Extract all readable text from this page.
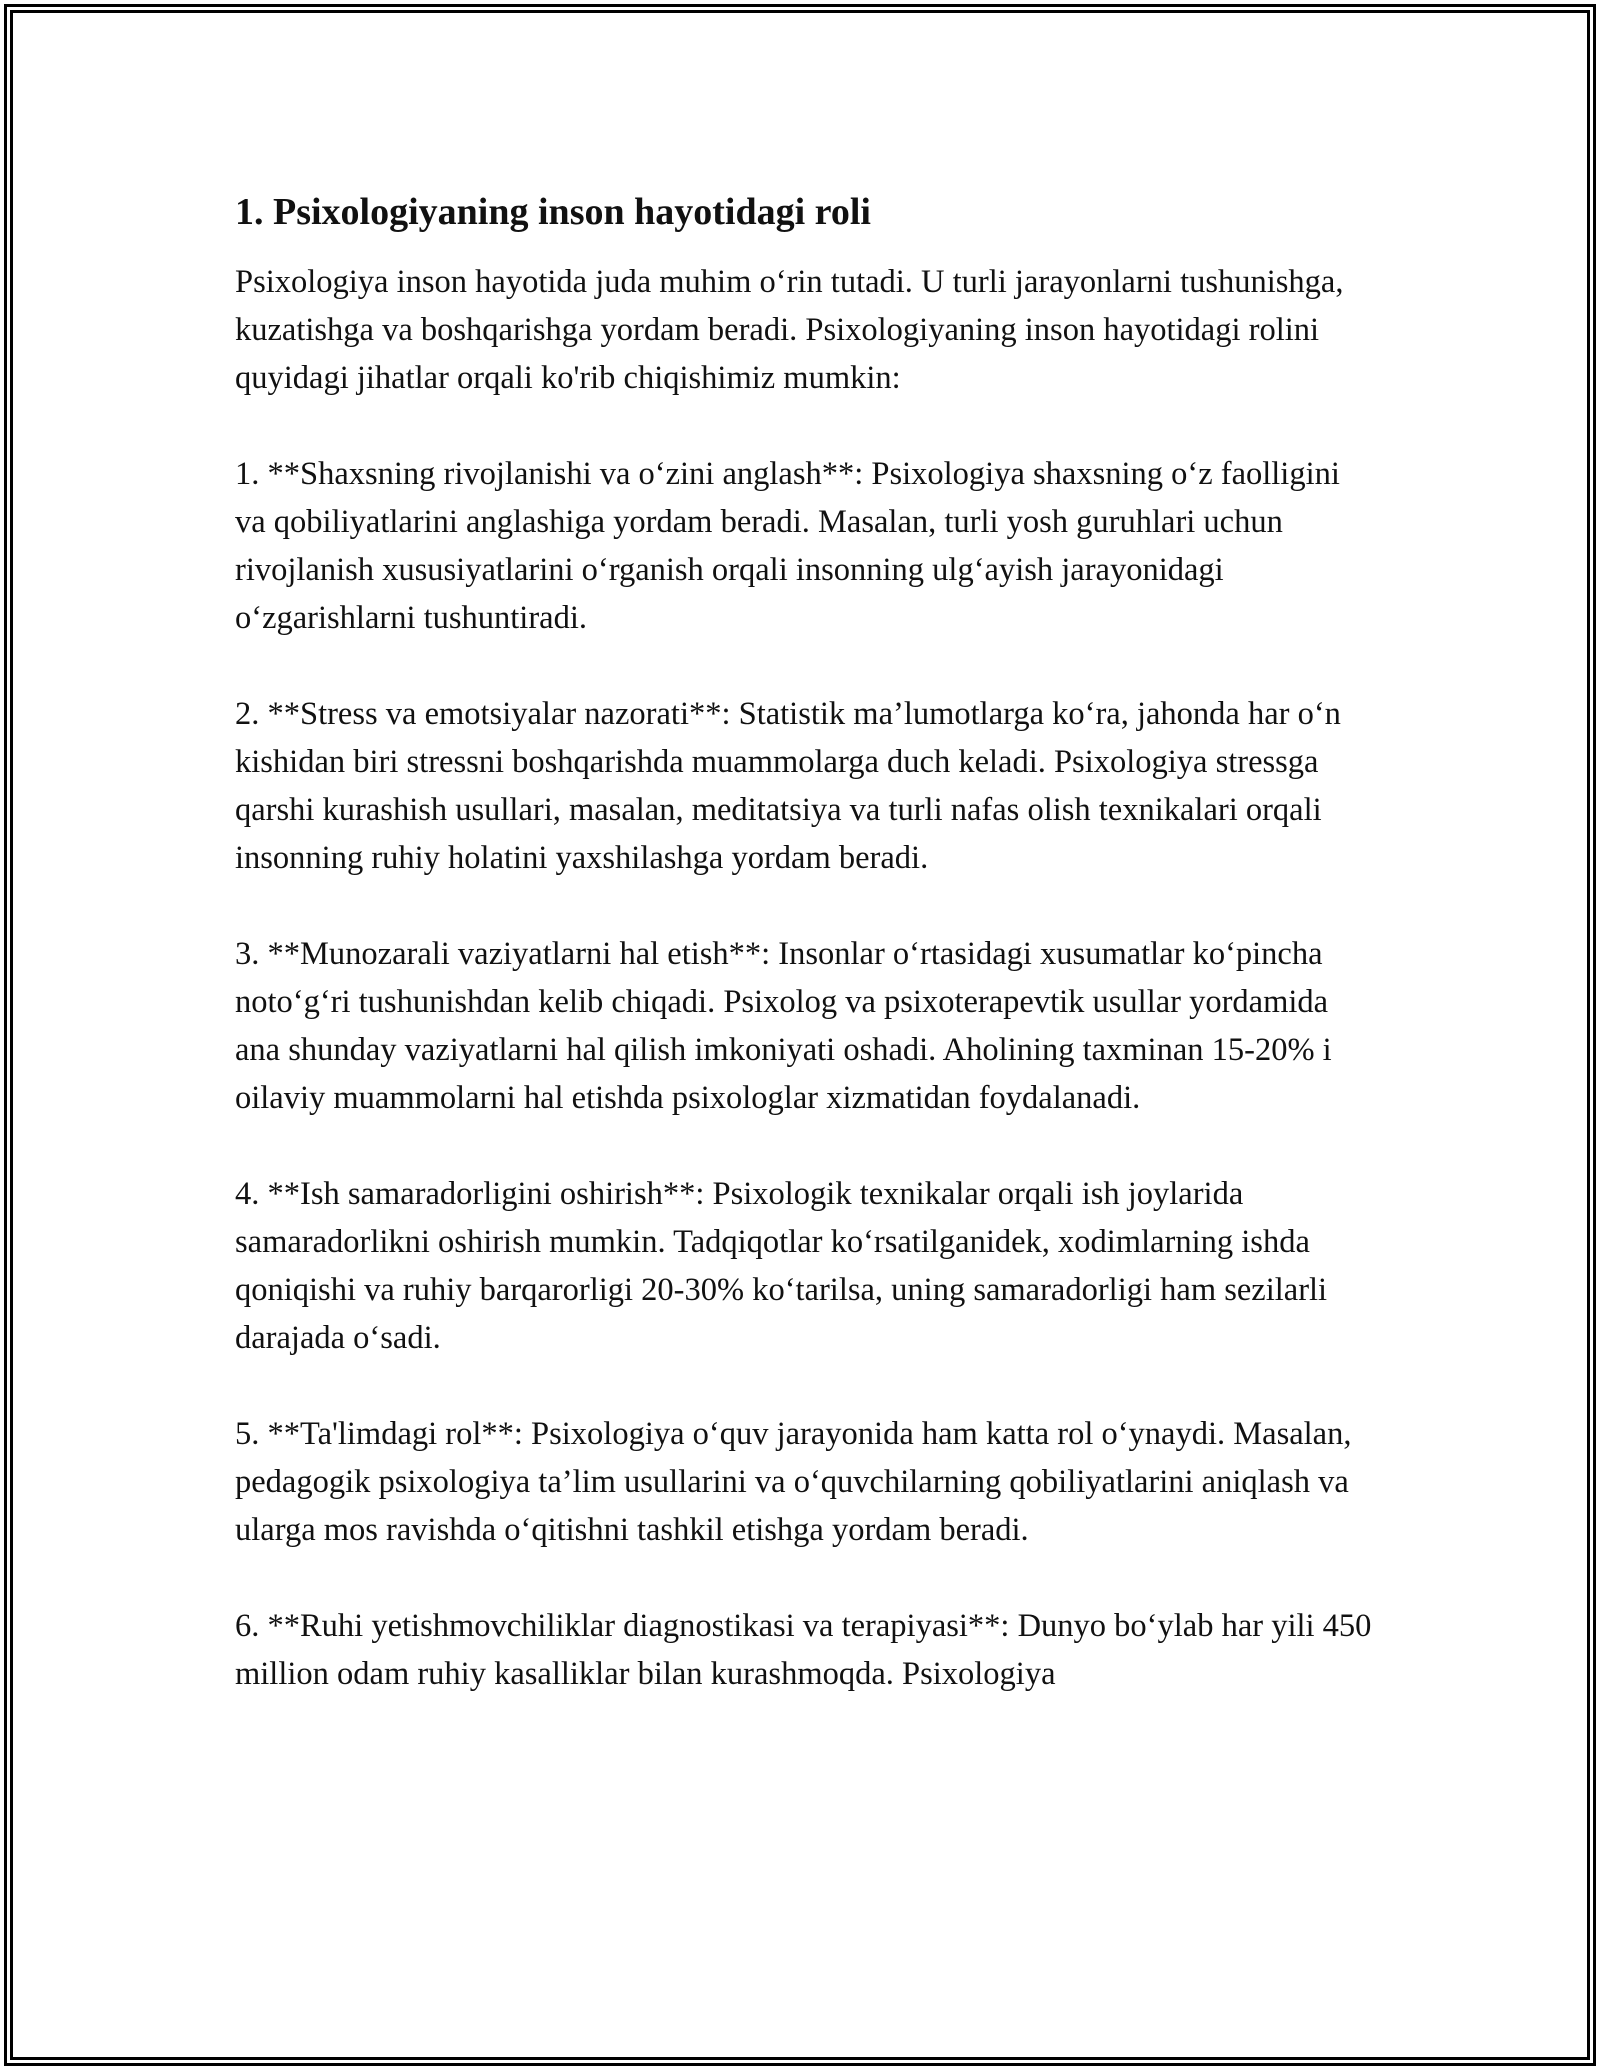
1. Psixologiyaning inson hayotidagi roli

Psixologiya inson hayotida juda muhim o‘rin tutadi. U turli jarayonlarni tushunishga, kuzatishga va boshqarishga yordam beradi. Psixologiyaning inson hayotidagi rolini quyidagi jihatlar orqali ko'rib chiqishimiz mumkin:

1. **Shaxsning rivojlanishi va o‘zini anglash**: Psixologiya shaxsning o‘z faolligini va qobiliyatlarini anglashiga yordam beradi. Masalan, turli yosh guruhlari uchun rivojlanish xususiyatlarini o‘rganish orqali insonning ulg‘ayish jarayonidagi o‘zgarishlarni tushuntiradi.

2. **Stress va emotsiyalar nazorati**: Statistik ma’lumotlarga ko‘ra, jahonda har o‘n kishidan biri stressni boshqarishda muammolarga duch keladi. Psixologiya stressga qarshi kurashish usullari, masalan, meditatsiya va turli nafas olish texnikalari orqali insonning ruhiy holatini yaxshilashga yordam beradi.

3. **Munozarali vaziyatlarni hal etish**: Insonlar o‘rtasidagi xusumatlar ko‘pincha noto‘g‘ri tushunishdan kelib chiqadi. Psixolog va psixoterapevtik usullar yordamida ana shunday vaziyatlarni hal qilish imkoniyati oshadi. Aholining taxminan 15-20% i oilaviy muammolarni hal etishda psixologlar xizmatidan foydalanadi.

4. **Ish samaradorligini oshirish**: Psixologik texnikalar orqali ish joylarida samaradorlikni oshirish mumkin. Tadqiqotlar ko‘rsatilganidek, xodimlarning ishda qoniqishi va ruhiy barqarorligi 20-30% ko‘tarilsa, uning samaradorligi ham sezilarli darajada o‘sadi.

5. **Ta'limdagi rol**: Psixologiya o‘quv jarayonida ham katta rol o‘ynaydi. Masalan, pedagogik psixologiya ta’lim usullarini va o‘quvchilarning qobiliyatlarini aniqlash va ularga mos ravishda o‘qitishni tashkil etishga yordam beradi.

6. **Ruhi yetishmovchiliklar diagnostikasi va terapiyasi**: Dunyo bo‘ylab har yili 450 million odam ruhiy kasalliklar bilan kurashmoqda. Psixologiya
